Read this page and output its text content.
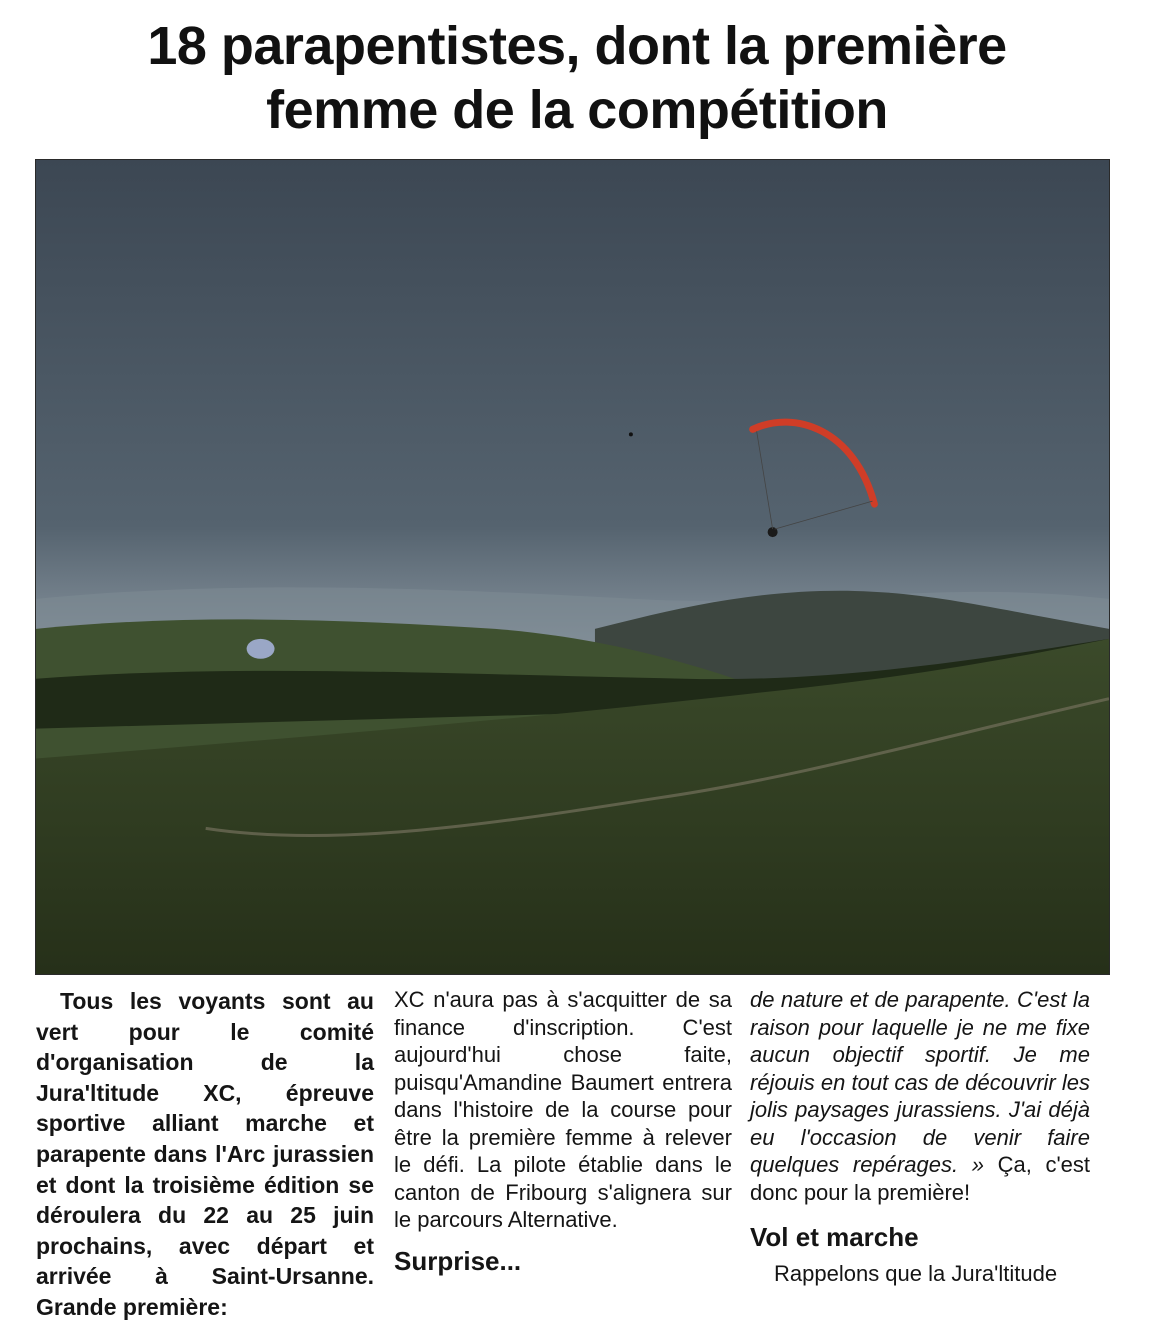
18 parapentistes, dont la première
femme de la compétition

Tous les voyants sont au vert pour le comité d'organisation de la Jura'ltitude XC, épreuve sportive alliant marche et parapente dans l'Arc jurassien et dont la troisième édition se déroulera du 22 au 25 juin prochains, avec départ et arrivée à Saint-Ursanne. Grande première:

XC n'aura pas à s'acquitter de sa finance d'inscription. C'est aujourd'hui chose faite, puisqu'Amandine Baumert entrera dans l'histoire de la course pour être la première femme à relever le défi. La pilote établie dans le canton de Fribourg s'alignera sur le parcours Alternative.

Surprise...

de nature et de parapente. C'est la raison pour laquelle je ne me fixe aucun objectif sportif. Je me réjouis en tout cas de découvrir les jolis paysages jurassiens. J'ai déjà eu l'occasion de venir faire quelques repérages. » Ça, c'est donc pour la première!

Vol et marche

Rappelons que la Jura'ltitude
